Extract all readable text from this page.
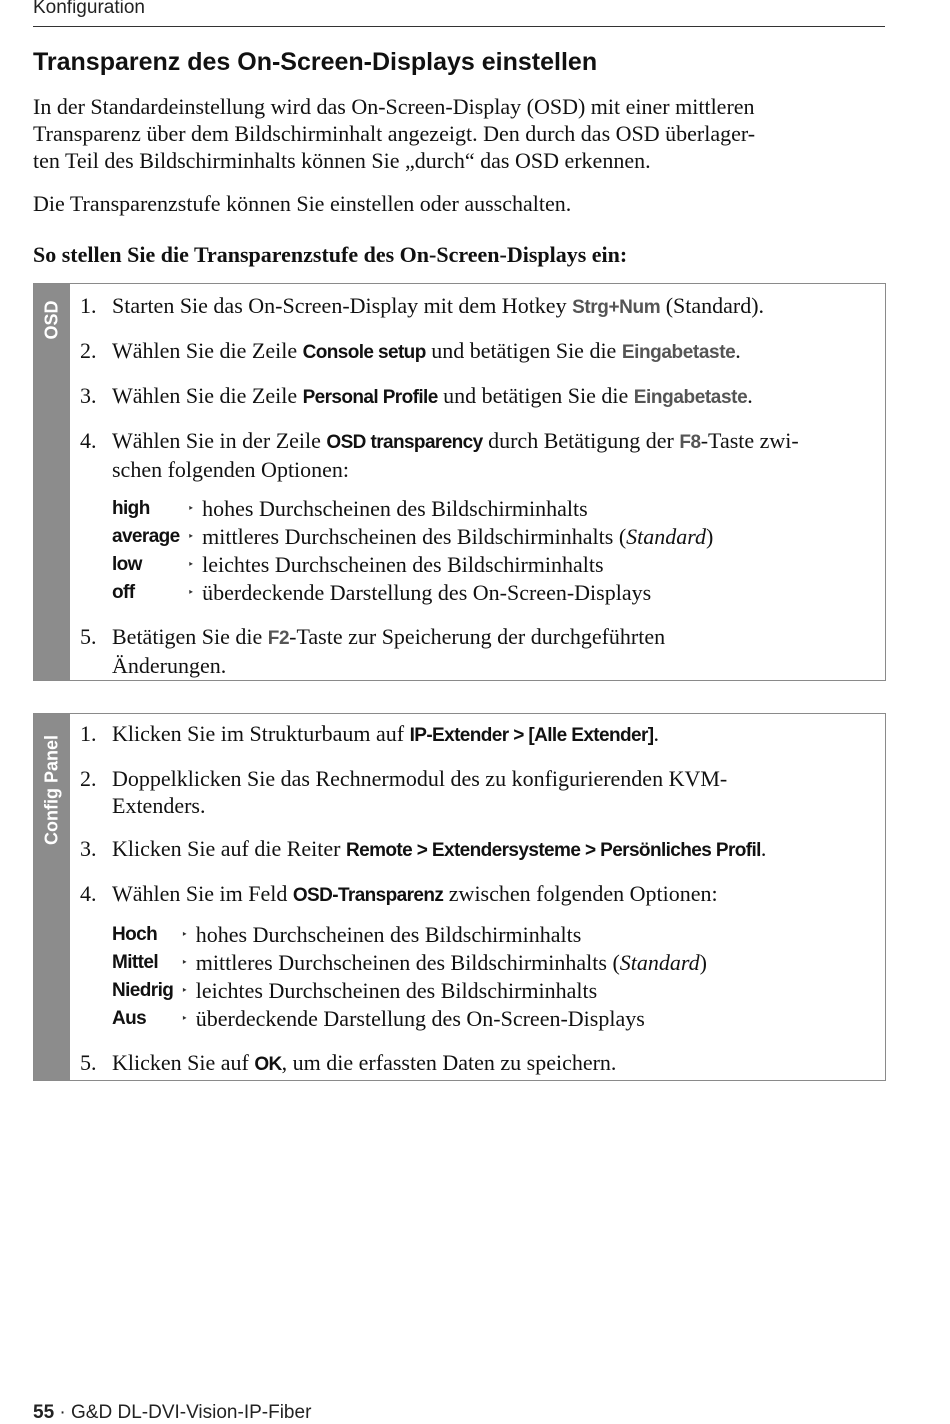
Konfiguration
Transparenz des On-Screen-Displays einstellen

In der Standardeinstellung wird das On-Screen-Display (OSD) mit einer mittleren
Transparenz über dem Bildschirminhalt angezeigt. Den durch das OSD überlager-
ten Teil des Bildschirminhalts können Sie „durch“ das OSD erkennen.

Die Transparenzstufe können Sie einstellen oder ausschalten.

So stellen Sie die Transparenzstufe des On-Screen-Displays ein:

OSD 1. Starten Sie das On-Screen-Display mit dem Hotkey Strg+Num (Standard).
2. Wählen Sie die Zeile Console setup und betätigen Sie die Eingabetaste.
3. Wählen Sie die Zeile Personal Profile und betätigen Sie die Eingabetaste.
4. Wählen Sie in der Zeile OSD transparency durch Betätigung der F8-Taste zwi-
schen folgenden Optionen:
high	‣	hohes Durchscheinen des Bildschirminhalts
average	‣	mittleres Durchscheinen des Bildschirminhalts (Standard)
low	‣	leichtes Durchscheinen des Bildschirminhalts
off	‣	überdeckende Darstellung des On-Screen-Displays
5. Betätigen Sie die F2-Taste zur Speicherung der durchgeführten
Änderungen.
Config Panel
1. Klicken Sie im Strukturbaum auf IP-Extender > [Alle Extender].
2. Doppelklicken Sie das Rechnermodul des zu konfigurierenden KVM-
Extenders.
3. Klicken Sie auf die Reiter Remote > Extendersysteme > Persönliches Profil.
4. Wählen Sie im Feld OSD-Transparenz zwischen folgenden Optionen:
Hoch	‣	hohes Durchscheinen des Bildschirminhalts
Mittel	‣	mittleres Durchscheinen des Bildschirminhalts (Standard)
Niedrig	‣	leichtes Durchscheinen des Bildschirminhalts
Aus	‣	überdeckende Darstellung des On-Screen-Displays
5. Klicken Sie auf OK, um die erfassten Daten zu speichern.
55 · G&D DL-DVI-Vision-IP-Fiber
